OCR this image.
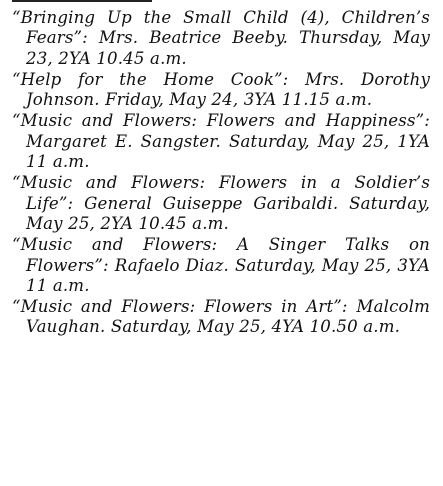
“Bringing Up the Small Child (4), Children’s Fears”: Mrs. Beatrice Beeby. Thursday, May 23, 2YA 10.45 a.m.

“Help for the Home Cook”: Mrs. Dorothy Johnson. Friday, May 24, 3YA 11.15 a.m.

“Music and Flowers: Flowers and Happiness”: Margaret E. Sangster. Saturday, May 25, 1YA 11 a.m.

“Music and Flowers: Flowers in a Soldier’s Life”: General Guiseppe Garibaldi. Saturday, May 25, 2YA 10.45 a.m.

“Music and Flowers: A Singer Talks on Flowers”: Rafaelo Diaz. Saturday, May 25, 3YA 11 a.m.

“Music and Flowers: Flowers in Art”: Malcolm Vaughan. Saturday, May 25, 4YA 10.50 a.m.
